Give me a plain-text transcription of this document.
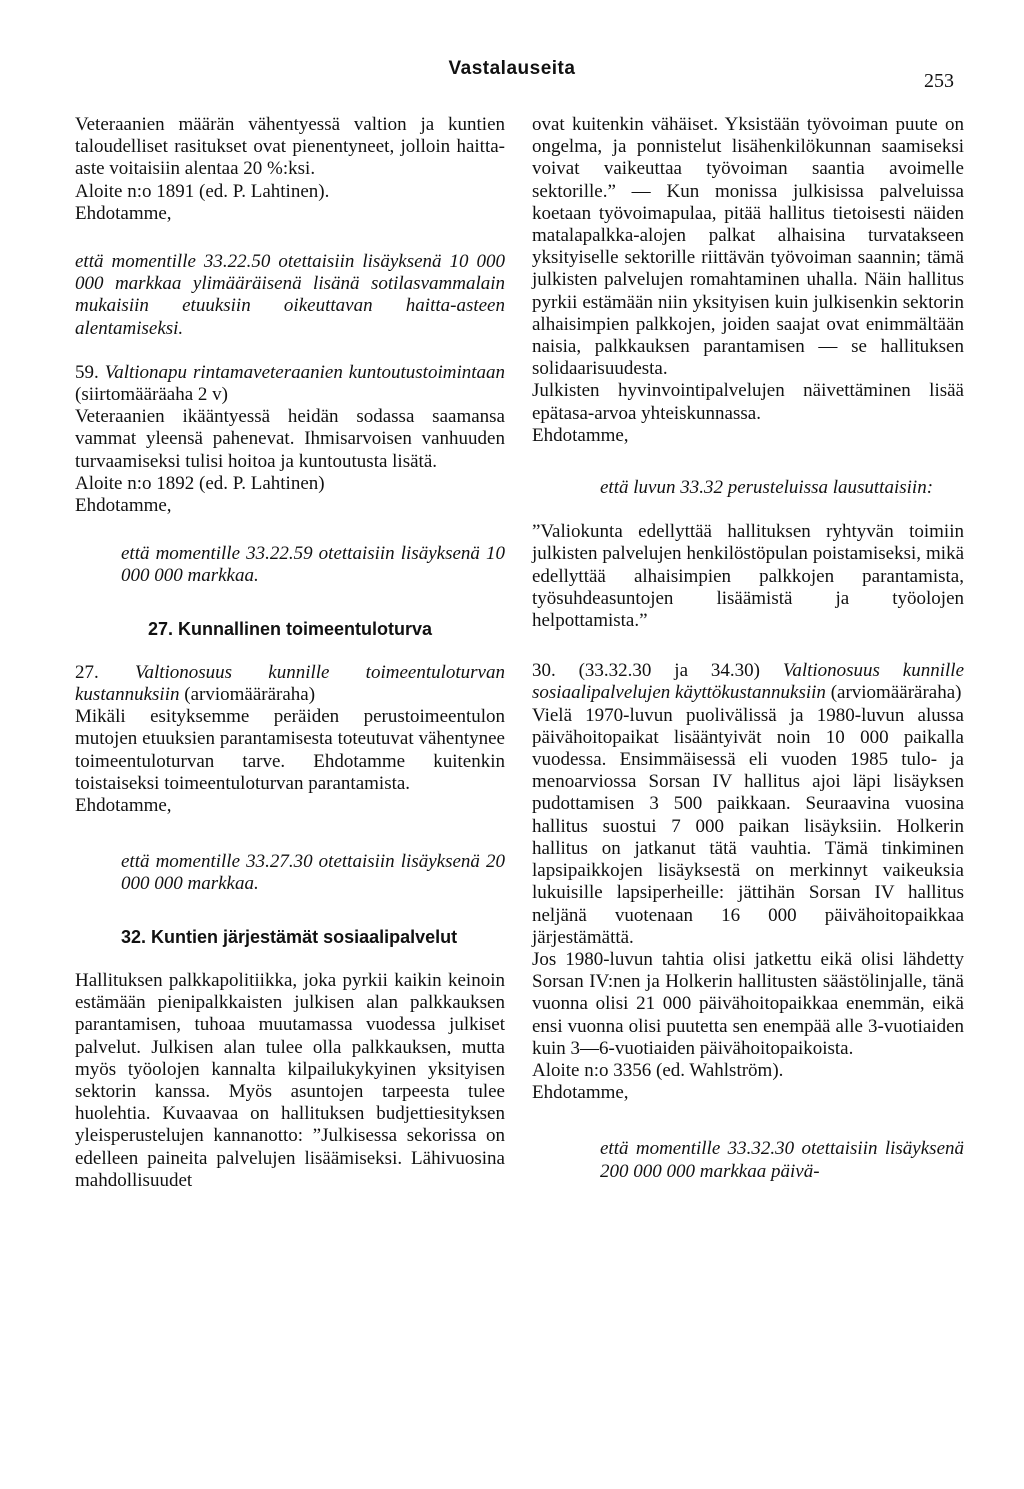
Vastalauseita
253

Veteraanien määrän vähentyessä valtion ja kuntien taloudelliset rasitukset ovat pienentyneet, jolloin haitta-aste voitaisiin alentaa 20 %:ksi.

Aloite n:o 1891 (ed. P. Lahtinen).

Ehdotamme,

että momentille 33.22.50 otettaisiin lisäyksenä 10 000 000 markkaa ylimääräisenä lisänä sotilasvammalain mukaisiin etuuksiin oikeuttavan haitta-asteen alentamiseksi.

59. Valtionapu rintamaveteraanien kuntoutustoimintaan (siirtomääräaha 2 v)

Veteraanien ikääntyessä heidän sodassa saamansa vammat yleensä pahenevat. Ihmisarvoisen vanhuuden turvaamiseksi tulisi hoitoa ja kuntoutusta lisätä.

Aloite n:o 1892 (ed. P. Lahtinen)

Ehdotamme,

että momentille 33.22.59 otettaisiin lisäyksenä 10 000 000 markkaa.

27. Kunnallinen toimeentuloturva

27. Valtionosuus kunnille toimeentuloturvan kustannuksiin (arviomääräraha)

Mikäli esityksemme peräiden perustoimeentulon mutojen etuuksien parantamisesta toteutuvat vähentynee toimeentuloturvan tarve. Ehdotamme kuitenkin toistaiseksi toimeentuloturvan parantamista.

Ehdotamme,

että momentille 33.27.30 otettaisiin lisäyksenä 20 000 000 markkaa.

32. Kuntien järjestämät sosiaalipalvelut

Hallituksen palkkapolitiikka, joka pyrkii kaikin keinoin estämään pienipalkkaisten julkisen alan palkkauksen parantamisen, tuhoaa muutamassa vuodessa julkiset palvelut. Julkisen alan tulee olla palkkauksen, mutta myös työolojen kannalta kilpailukykyinen yksityisen sektorin kanssa. Myös asuntojen tarpeesta tulee huolehtia. Kuvaavaa on hallituksen budjettiesityksen yleisperustelujen kannanotto: ”Julkisessa sekorissa on edelleen paineita palvelujen lisäämiseksi. Lähivuosina mahdollisuudet

ovat kuitenkin vähäiset. Yksistään työvoiman puute on ongelma, ja ponnistelut lisähenkilökunnan saamiseksi voivat vaikeuttaa työvoiman saantia avoimelle sektorille.” — Kun monissa julkisissa palveluissa koetaan työvoimapulaa, pitää hallitus tietoisesti näiden matalapalkka-alojen palkat alhaisina turvatakseen yksityiselle sektorille riittävän työvoiman saannin; tämä julkisten palvelujen romahtaminen uhalla. Näin hallitus pyrkii estämään niin yksityisen kuin julkisenkin sektorin alhaisimpien palkkojen, joiden saajat ovat enimmältään naisia, palkkauksen parantamisen — se hallituksen solidaarisuudesta.

Julkisten hyvinvointipalvelujen näivettäminen lisää epätasa-arvoa yhteiskunnassa.

Ehdotamme,

että luvun 33.32 perusteluissa lausuttaisiin:

”Valiokunta edellyttää hallituksen ryhtyvän toimiin julkisten palvelujen henkilöstöpulan poistamiseksi, mikä edellyttää alhaisimpien palkkojen parantamista, työsuhdeasuntojen lisäämistä ja työolojen helpottamista.”

30. (33.32.30 ja 34.30) Valtionosuus kunnille sosiaalipalvelujen käyttökustannuksiin (arviomääräraha)

Vielä 1970-luvun puolivälissä ja 1980-luvun alussa päivähoitopaikat lisääntyivät noin 10 000 paikalla vuodessa. Ensimmäisessä eli vuoden 1985 tulo- ja menoarviossa Sorsan IV hallitus ajoi läpi lisäyksen pudottamisen 3 500 paikkaan. Seuraavina vuosina hallitus suostui 7 000 paikan lisäyksiin. Holkerin hallitus on jatkanut tätä vauhtia. Tämä tinkiminen lapsipaikkojen lisäyksestä on merkinnyt vaikeuksia lukuisille lapsiperheille: jättihän Sorsan IV hallitus neljänä vuotenaan 16 000 päivähoitopaikkaa järjestämättä.

Jos 1980-luvun tahtia olisi jatkettu eikä olisi lähdetty Sorsan IV:nen ja Holkerin hallitusten säästölinjalle, tänä vuonna olisi 21 000 päivähoitopaikkaa enemmän, eikä ensi vuonna olisi puutetta sen enempää alle 3-vuotiaiden kuin 3—6-vuotiaiden päivähoitopaikoista.

Aloite n:o 3356 (ed. Wahlström).

Ehdotamme,

että momentille 33.32.30 otettaisiin lisäyksenä 200 000 000 markkaa päivä-
